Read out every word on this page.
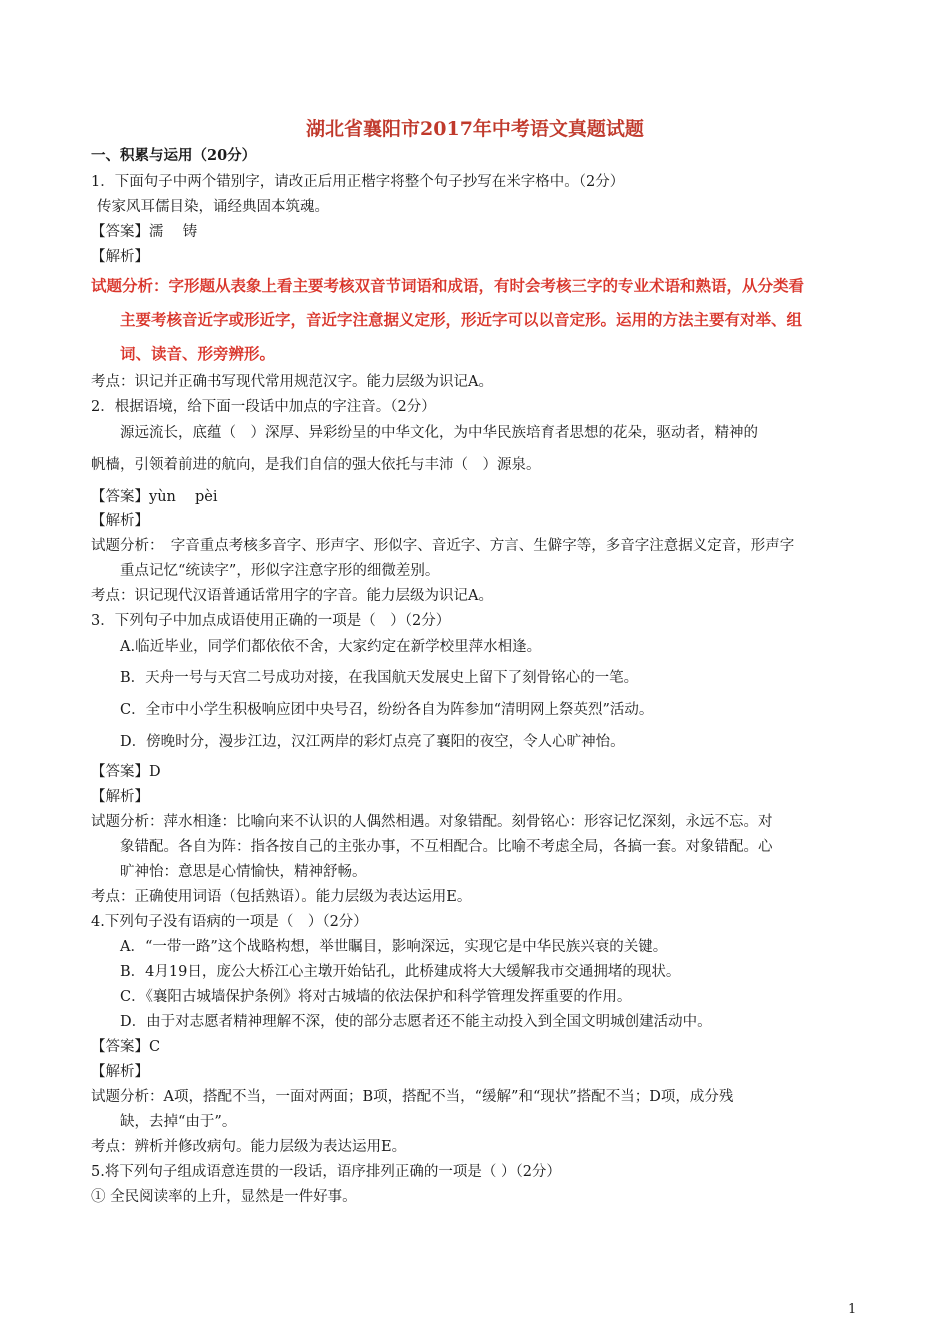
湖北省襄阳市2017年中考语文真题试题
一、积累与运用（20分）
1．下面句子中两个错别字，请改正后用正楷字将整个句子抄写在米字格中。（2分）
传家风耳儒目染，诵经典固本筑魂。
【答案】濡　 铸
【解析】
试题分析：字形题从表象上看主要考核双音节词语和成语，有时会考核三字的专业术语和熟语，从分类看
主要考核音近字或形近字，音近字注意据义定形，形近字可以以音定形。运用的方法主要有对举、组
词、读音、形旁辨形。
考点：识记并正确书写现代常用规范汉字。能力层级为识记A。
2．根据语境，给下面一段话中加点的字注音。（2分）
源远流长，底蕴（　）深厚、异彩纷呈的中华文化，为中华民族培育者思想的花朵，驱动者，精神的
帆樯，引领着前进的航向，是我们自信的强大依托与丰沛（　）源泉。
【答案】yùn　 pèi
【解析】
试题分析：　字音重点考核多音字、形声字、形似字、音近字、方言、生僻字等，多音字注意据义定音，形声字
重点记忆“统读字”，形似字注意字形的细微差别。
考点：识记现代汉语普通话常用字的字音。能力层级为识记A。
3．下列句子中加点成语使用正确的一项是（　）（2分）
A.临近毕业，同学们都依依不舍，大家约定在新学校里萍水相逢。
B．天舟一号与天宫二号成功对接，在我国航天发展史上留下了刻骨铭心的一笔。
C．全市中小学生积极响应团中央号召，纷纷各自为阵参加“清明网上祭英烈”活动。
D．傍晚时分，漫步江边，汉江两岸的彩灯点亮了襄阳的夜空，令人心旷神怡。
【答案】D
【解析】
试题分析：萍水相逢：比喻向来不认识的人偶然相遇。对象错配。刻骨铭心：形容记忆深刻，永远不忘。对
象错配。各自为阵：指各按自己的主张办事，不互相配合。比喻不考虑全局，各搞一套。对象错配。心
旷神怡：意思是心情愉快，精神舒畅。
考点：正确使用词语（包括熟语）。能力层级为表达运用E。
4.下列句子没有语病的一项是（　）（2分）
A．“一带一路”这个战略构想，举世瞩目，影响深远，实现它是中华民族兴衰的关键。
B．4月19日，庞公大桥江心主墩开始钻孔，此桥建成将大大缓解我市交通拥堵的现状。
C．《襄阳古城墙保护条例》将对古城墙的依法保护和科学管理发挥重要的作用。
D．由于对志愿者精神理解不深，使的部分志愿者还不能主动投入到全国文明城创建活动中。
【答案】C
【解析】
试题分析：A项，搭配不当，一面对两面；B项，搭配不当，“缓解”和“现状”搭配不当；D项，成分残
缺，去掉“由于”。
考点：辨析并修改病句。能力层级为表达运用E。
5.将下列句子组成语意连贯的一段话，语序排列正确的一项是（ ）（2分）
① 全民阅读率的上升，显然是一件好事。
1
